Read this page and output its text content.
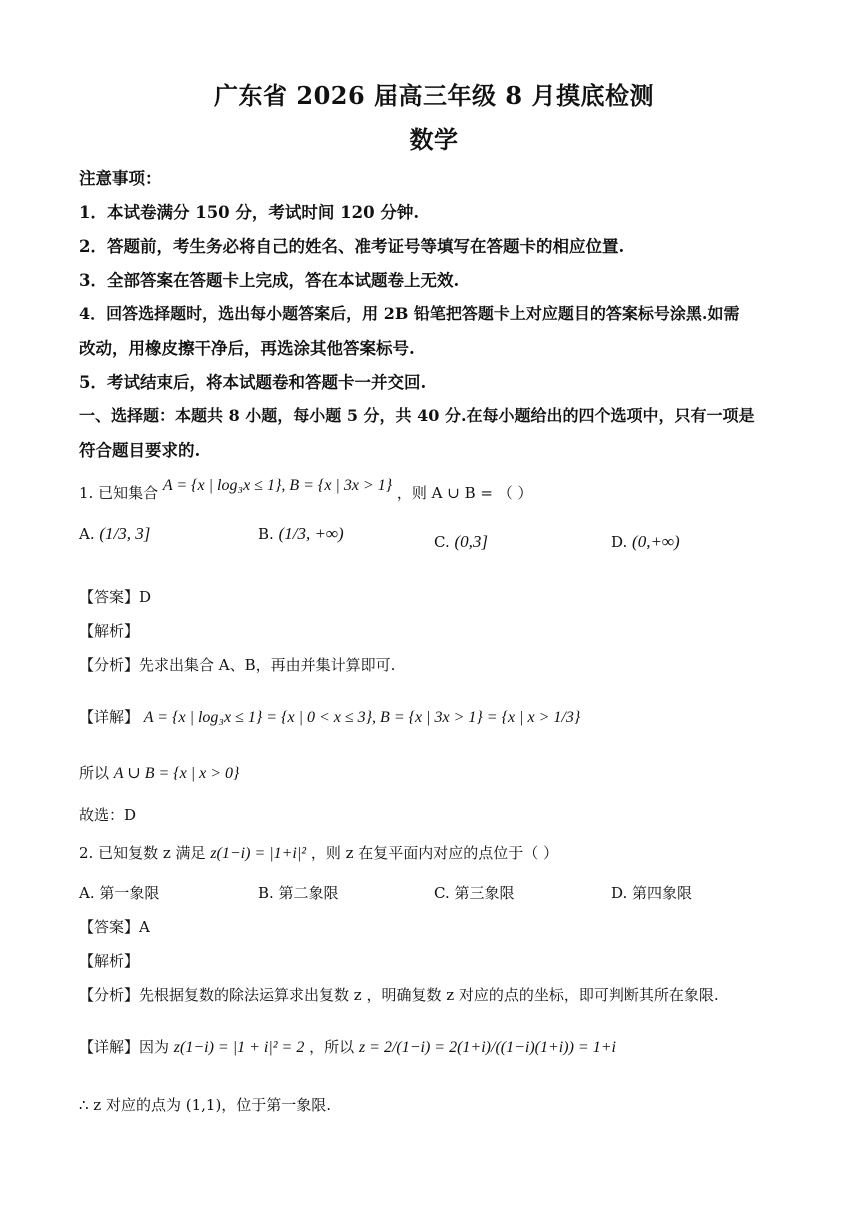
广东省 2026 届高三年级 8 月摸底检测
数学
注意事项：
1．本试卷满分 150 分，考试时间 120 分钟.
2．答题前，考生务必将自己的姓名、准考证号等填写在答题卡的相应位置.
3．全部答案在答题卡上完成，答在本试题卷上无效.
4．回答选择题时，选出每小题答案后，用 2B 铅笔把答题卡上对应题目的答案标号涂黑.如需
改动，用橡皮擦干净后，再选涂其他答案标号.
5．考试结束后，将本试题卷和答题卡一并交回.
一、选择题：本题共 8 小题，每小题 5 分，共 40 分.在每小题给出的四个选项中，只有一项是
符合题目要求的.
1. 已知集合 A = {x | log₃x ≤ 1}, B = {x | 3x > 1} ，则 A ∪ B = （ ）
A. (1/3, 3]	B. (1/3, +∞)	C. (0,3]	D. (0,+∞)
【答案】D
【解析】
【分析】先求出集合 A、B，再由并集计算即可.
【详解】 A = {x | log₃x ≤ 1} = {x | 0 < x ≤ 3}, B = {x | 3x > 1} = {x | x > 1/3}
所以 A ∪ B = {x | x > 0}
故选：D
2. 已知复数 z 满足 z(1−i) = |1+i|² ，则 z 在复平面内对应的点位于（ ）
A. 第一象限	B. 第二象限	C. 第三象限	D. 第四象限
【答案】A
【解析】
【分析】先根据复数的除法运算求出复数 z ，明确复数 z 对应的点的坐标，即可判断其所在象限.
【详解】因为 z(1−i) = |1 + i|² = 2 ，所以 z = 2/(1−i) = 2(1+i)/((1−i)(1+i)) = 1+i
∴ z 对应的点为 (1,1)，位于第一象限.
